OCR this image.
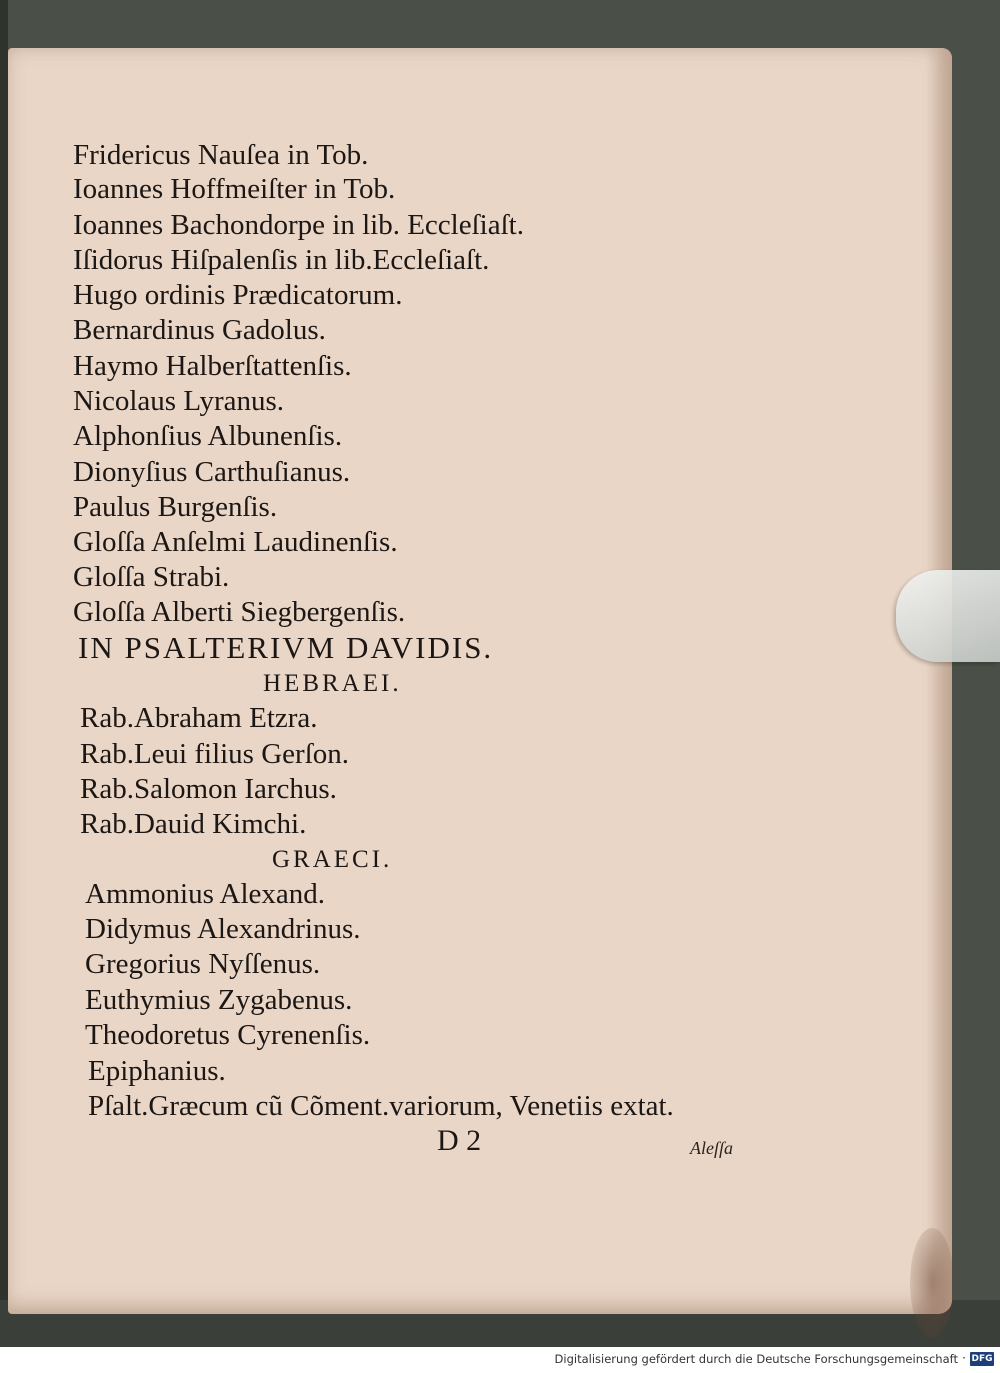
Fridericus Nauſea in Tob.
Ioannes Hoffmeiſter in Tob.
Ioannes Bachondorpe in lib. Eccleſiaſt.
Iſidorus Hiſpalenſis in lib.Eccleſiaſt.
Hugo ordinis Prædicatorum.
Bernardinus Gadolus.
Haymo Halberſtattenſis.
Nicolaus Lyranus.
Alphonſius Albunenſis.
Dionyſius Carthuſianus.
Paulus Burgenſis.
Gloſſa Anſelmi Laudinenſis.
Gloſſa Strabi.
Gloſſa Alberti Siegbergenſis.
IN PSALTERIVM DAVIDIS.
HEBRAEI.
Rab.Abraham Etzra.
Rab.Leui filius Gerſon.
Rab.Salomon Iarchus.
Rab.Dauid Kimchi.
GRAECI.
Ammonius Alexand.
Didymus Alexandrinus.
Gregorius Nyſſenus.
Euthymius Zygabenus.
Theodoretus Cyrenenſis.
Epiphanius.
Pſalt.Græcum cũ Cõment.variorum, Venetiis extat.
D 2	Aleſſa
Digitalisierung gefördert durch die Deutsche Forschungsgemeinschaft · DFG
